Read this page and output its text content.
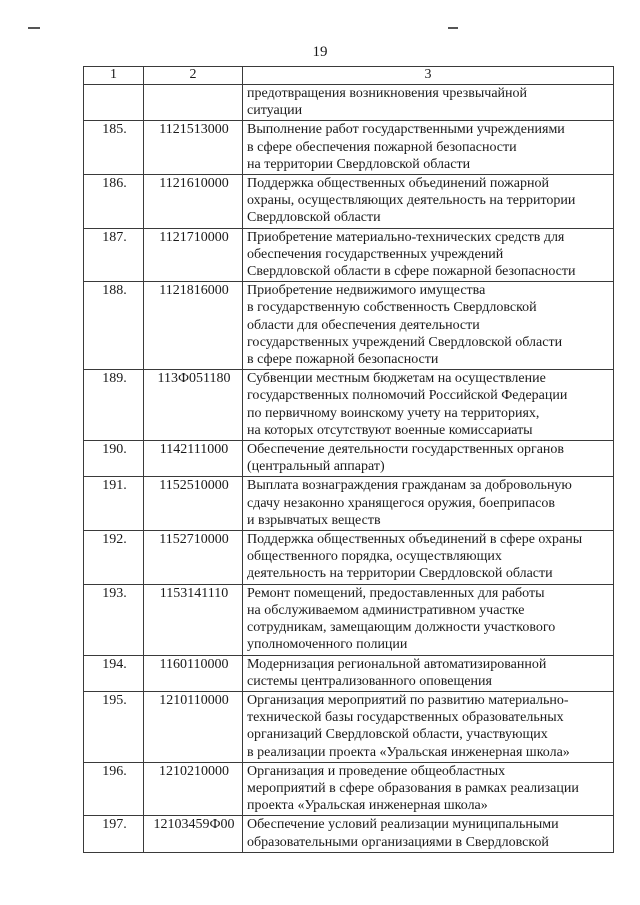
19
1	2	3

		предотвращения возникновения чрезвычайной
ситуации

185.	1121513000	Выполнение работ государственными учреждениями
в сфере обеспечения пожарной безопасности
на территории Свердловской области

186.	1121610000	Поддержка общественных объединений пожарной
охраны, осуществляющих деятельность на территории
Свердловской области

187.	1121710000	Приобретение материально-технических средств для
обеспечения государственных учреждений
Свердловской области в сфере пожарной безопасности

188.	1121816000	Приобретение недвижимого имущества
в государственную собственность Свердловской
области для обеспечения деятельности
государственных учреждений Свердловской области
в сфере пожарной безопасности

189.	113Ф051180	Субвенции местным бюджетам на осуществление
государственных полномочий Российской Федерации
по первичному воинскому учету на территориях,
на которых отсутствуют военные комиссариаты

190.	1142111000	Обеспечение деятельности государственных органов
(центральный аппарат)

191.	1152510000	Выплата вознаграждения гражданам за добровольную
сдачу незаконно хранящегося оружия, боеприпасов
и взрывчатых веществ

192.	1152710000	Поддержка общественных объединений в сфере охраны
общественного порядка, осуществляющих
деятельность на территории Свердловской области

193.	1153141110	Ремонт помещений, предоставленных для работы
на обслуживаемом административном участке
сотрудникам, замещающим должности участкового
уполномоченного полиции

194.	1160110000	Модернизация региональной автоматизированной
системы централизованного оповещения

195.	1210110000	Организация мероприятий по развитию материально-
технической базы государственных образовательных
организаций Свердловской области, участвующих
в реализации проекта «Уральская инженерная школа»

196.	1210210000	Организация и проведение общеобластных
мероприятий в сфере образования в рамках реализации
проекта «Уральская инженерная школа»

197.	12103459Ф00	Обеспечение условий реализации муниципальными
образовательными организациями в Свердловской
